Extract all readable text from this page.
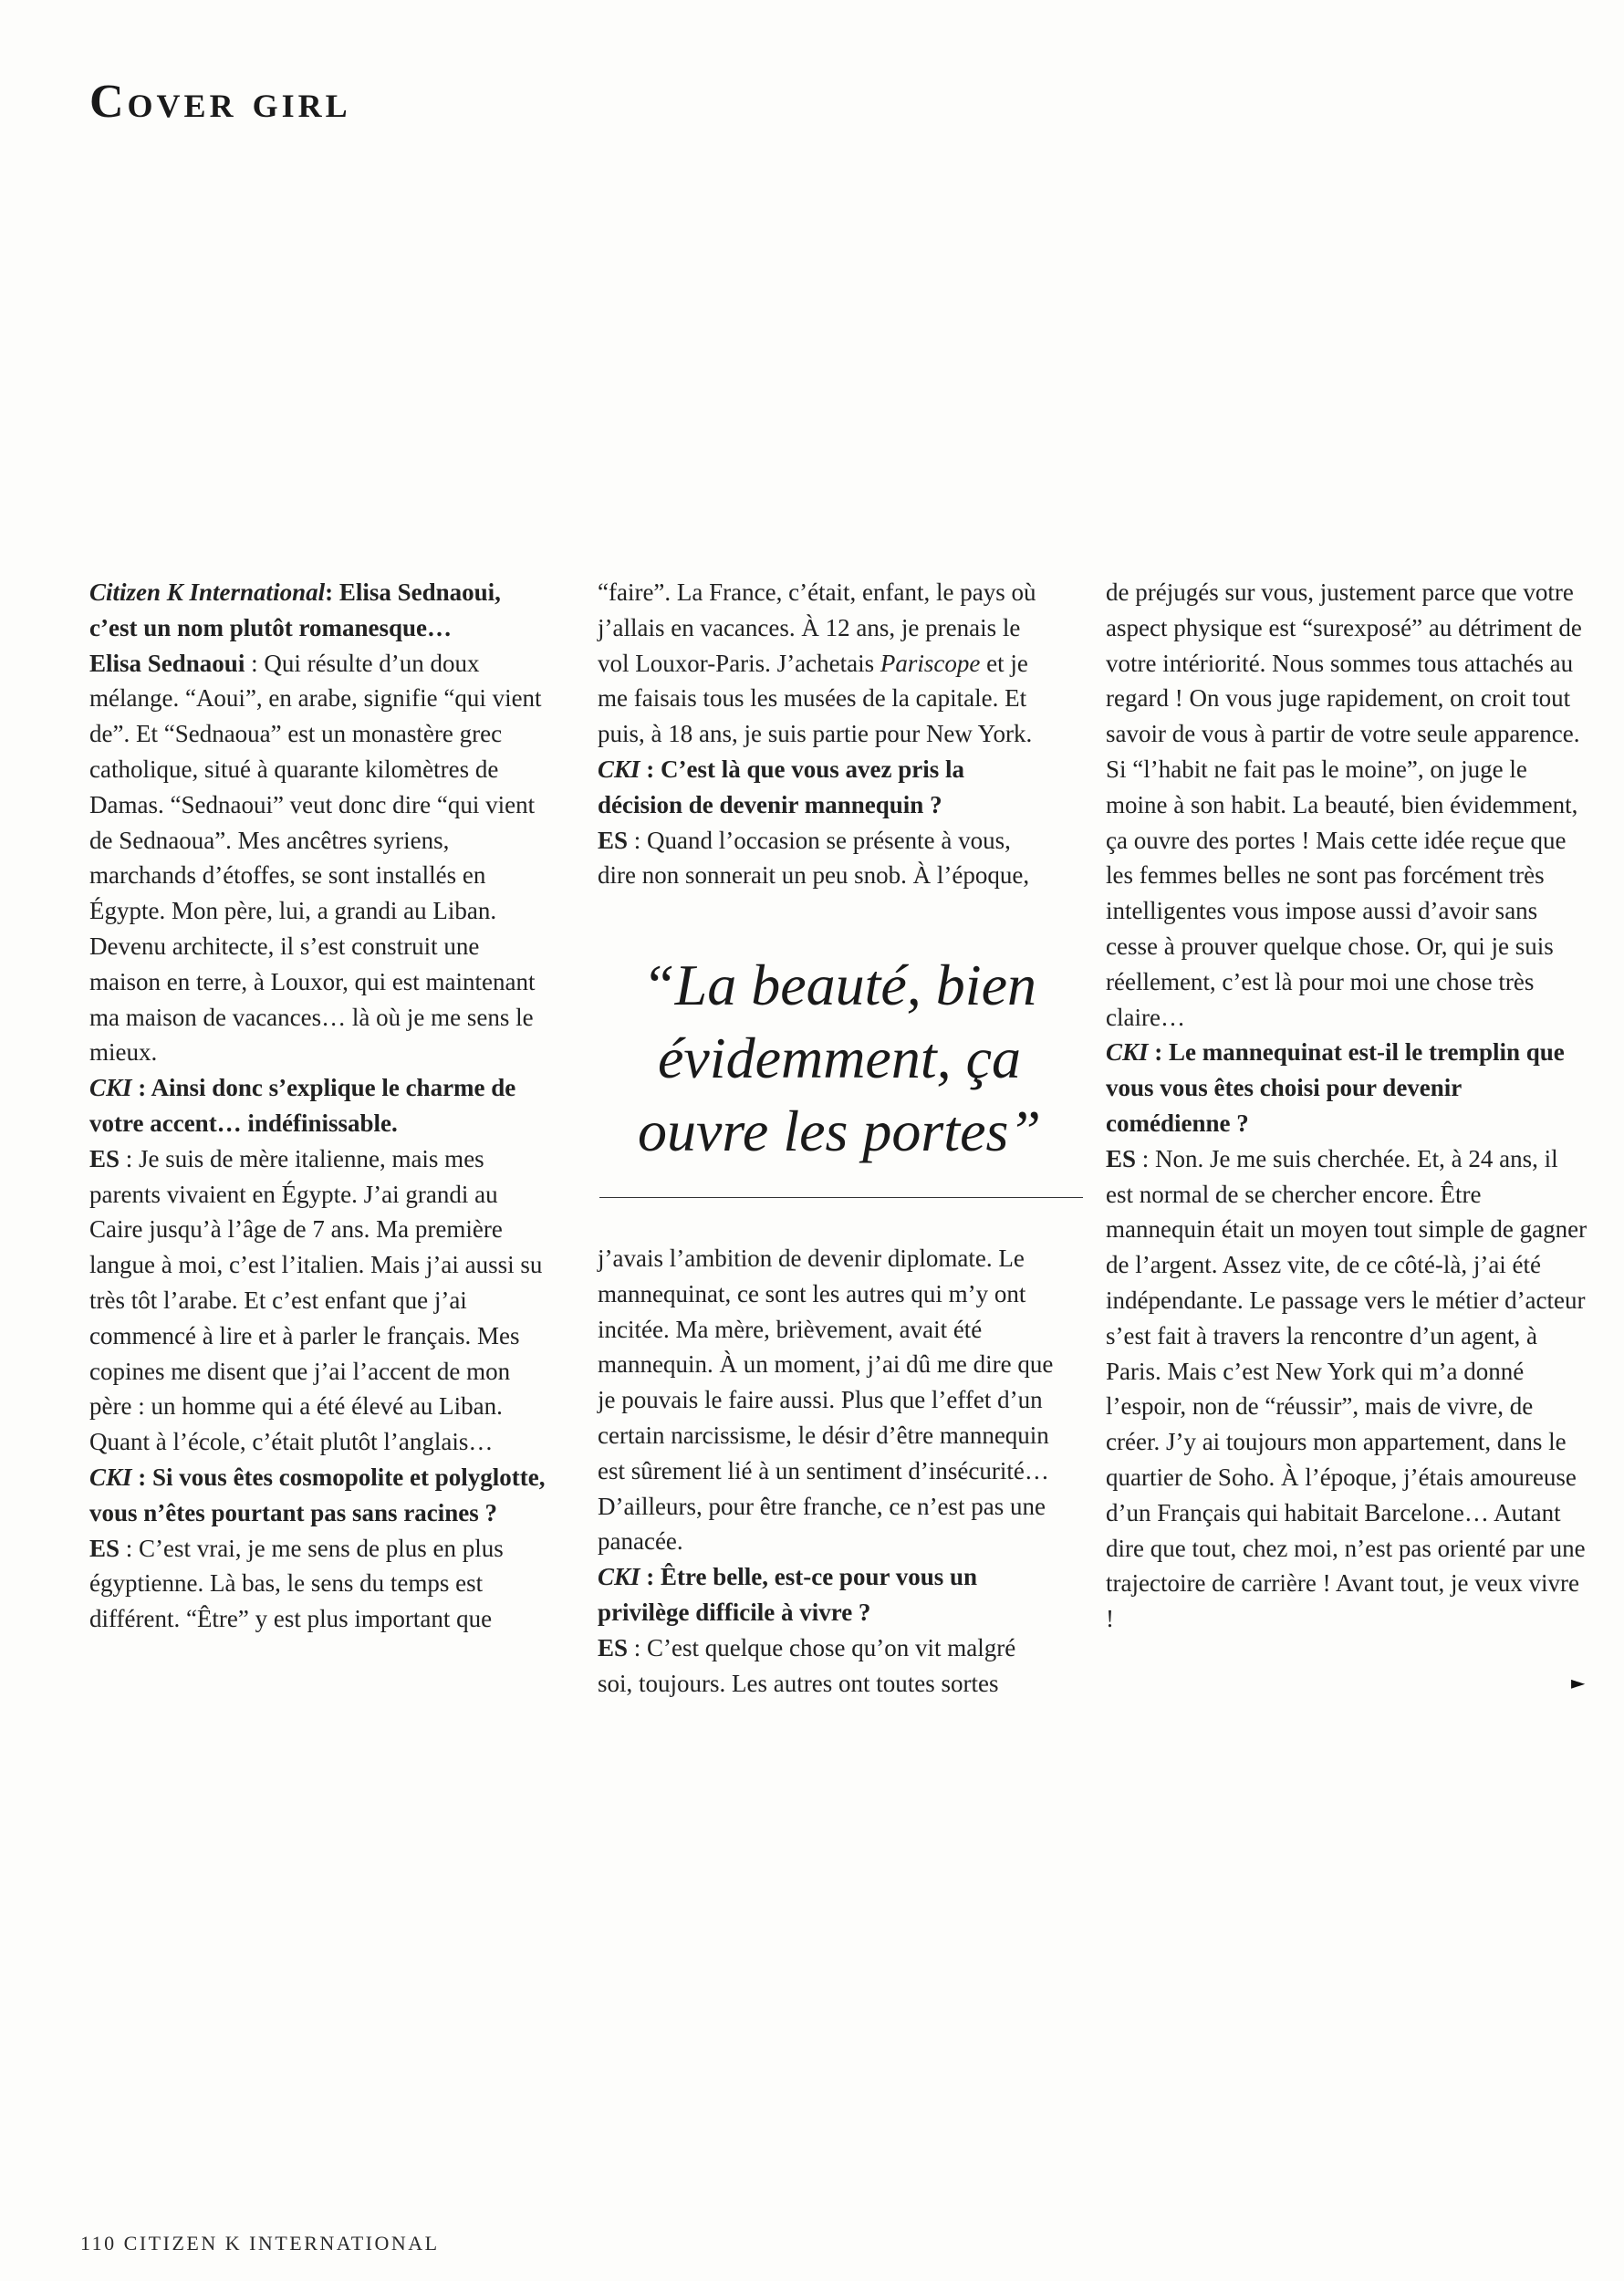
Cover girl

Citizen K International: Elisa Sednaoui, c’est un nom plutôt romanesque…
Elisa Sednaoui : Qui résulte d’un doux mélange. “Aoui”, en arabe, signifie “qui vient de”. Et “Sednaoua” est un monastère grec catholique, situé à quarante kilomètres de Damas. “Sednaoui” veut donc dire “qui vient de Sednaoua”. Mes ancêtres syriens, marchands d’étoffes, se sont installés en Égypte. Mon père, lui, a grandi au Liban. Devenu architecte, il s’est construit une maison en terre, à Louxor, qui est maintenant ma maison de vacances… là où je me sens le mieux.
CKI : Ainsi donc s’explique le charme de votre accent… indéfinissable.
ES : Je suis de mère italienne, mais mes parents vivaient en Égypte. J’ai grandi au Caire jusqu’à l’âge de 7 ans. Ma première langue à moi, c’est l’italien. Mais j’ai aussi su très tôt l’arabe. Et c’est enfant que j’ai commencé à lire et à parler le français. Mes copines me disent que j’ai l’accent de mon père : un homme qui a été élevé au Liban. Quant à l’école, c’était plutôt l’anglais…
CKI : Si vous êtes cosmopolite et polyglotte, vous n’êtes pourtant pas sans racines ?
ES : C’est vrai, je me sens de plus en plus égyptienne. Là bas, le sens du temps est différent. “Être” y est plus important que

“faire”. La France, c’était, enfant, le pays où j’allais en vacances. À 12 ans, je prenais le vol Louxor-Paris. J’achetais Pariscope et je me faisais tous les musées de la capitale. Et puis, à 18 ans, je suis partie pour New York.
CKI : C’est là que vous avez pris la décision de devenir mannequin ?
ES : Quand l’occasion se présente à vous, dire non sonnerait un peu snob. À l’époque,

“La beauté, bien évidemment, ça ouvre les portes”

j’avais l’ambition de devenir diplomate. Le mannequinat, ce sont les autres qui m’y ont incitée. Ma mère, brièvement, avait été mannequin. À un moment, j’ai dû me dire que je pouvais le faire aussi. Plus que l’effet d’un certain narcissisme, le désir d’être mannequin est sûrement lié à un sentiment d’insécurité… D’ailleurs, pour être franche, ce n’est pas une panacée.
CKI : Être belle, est-ce pour vous un privilège difficile à vivre ?
ES : C’est quelque chose qu’on vit malgré soi, toujours. Les autres ont toutes sortes

de préjugés sur vous, justement parce que votre aspect physique est “surexposé” au détriment de votre intériorité. Nous sommes tous attachés au regard ! On vous juge rapidement, on croit tout savoir de vous à partir de votre seule apparence. Si “l’habit ne fait pas le moine”, on juge le moine à son habit. La beauté, bien évidemment, ça ouvre des portes ! Mais cette idée reçue que les femmes belles ne sont pas forcément très intelligentes vous impose aussi d’avoir sans cesse à prouver quelque chose. Or, qui je suis réellement, c’est là pour moi une chose très claire…
CKI : Le mannequinat est-il le tremplin que vous vous êtes choisi pour devenir comédienne ?
ES : Non. Je me suis cherchée. Et, à 24 ans, il est normal de se chercher encore. Être mannequin était un moyen tout simple de gagner de l’argent. Assez vite, de ce côté-là, j’ai été indépendante. Le passage vers le métier d’acteur s’est fait à travers la rencontre d’un agent, à Paris. Mais c’est New York qui m’a donné l’espoir, non de “réussir”, mais de vivre, de créer. J’y ai toujours mon appartement, dans le quartier de Soho. À l’époque, j’étais amoureuse d’un Français qui habitait Barcelone… Autant dire que tout, chez moi, n’est pas orienté par une trajectoire de carrière ! Avant tout, je veux vivre !

►
110 CITIZEN K INTERNATIONAL
